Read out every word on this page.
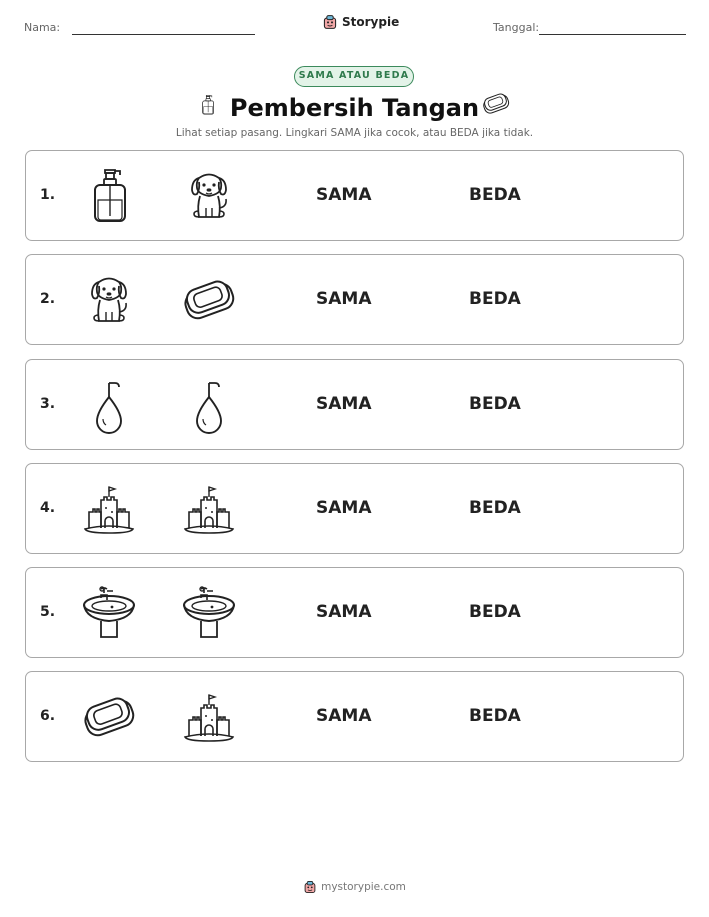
Nama:	Storypie	Tanggal:
SAMA ATAU BEDA
Pembersih Tangan
Lihat setiap pasang. Lingkari SAMA jika cocok, atau BEDA jika tidak.
1.	SAMA	BEDA
2.	SAMA	BEDA
3.	SAMA	BEDA
4.	SAMA	BEDA
5.	SAMA	BEDA
6.	SAMA	BEDA
mystorypie.com
